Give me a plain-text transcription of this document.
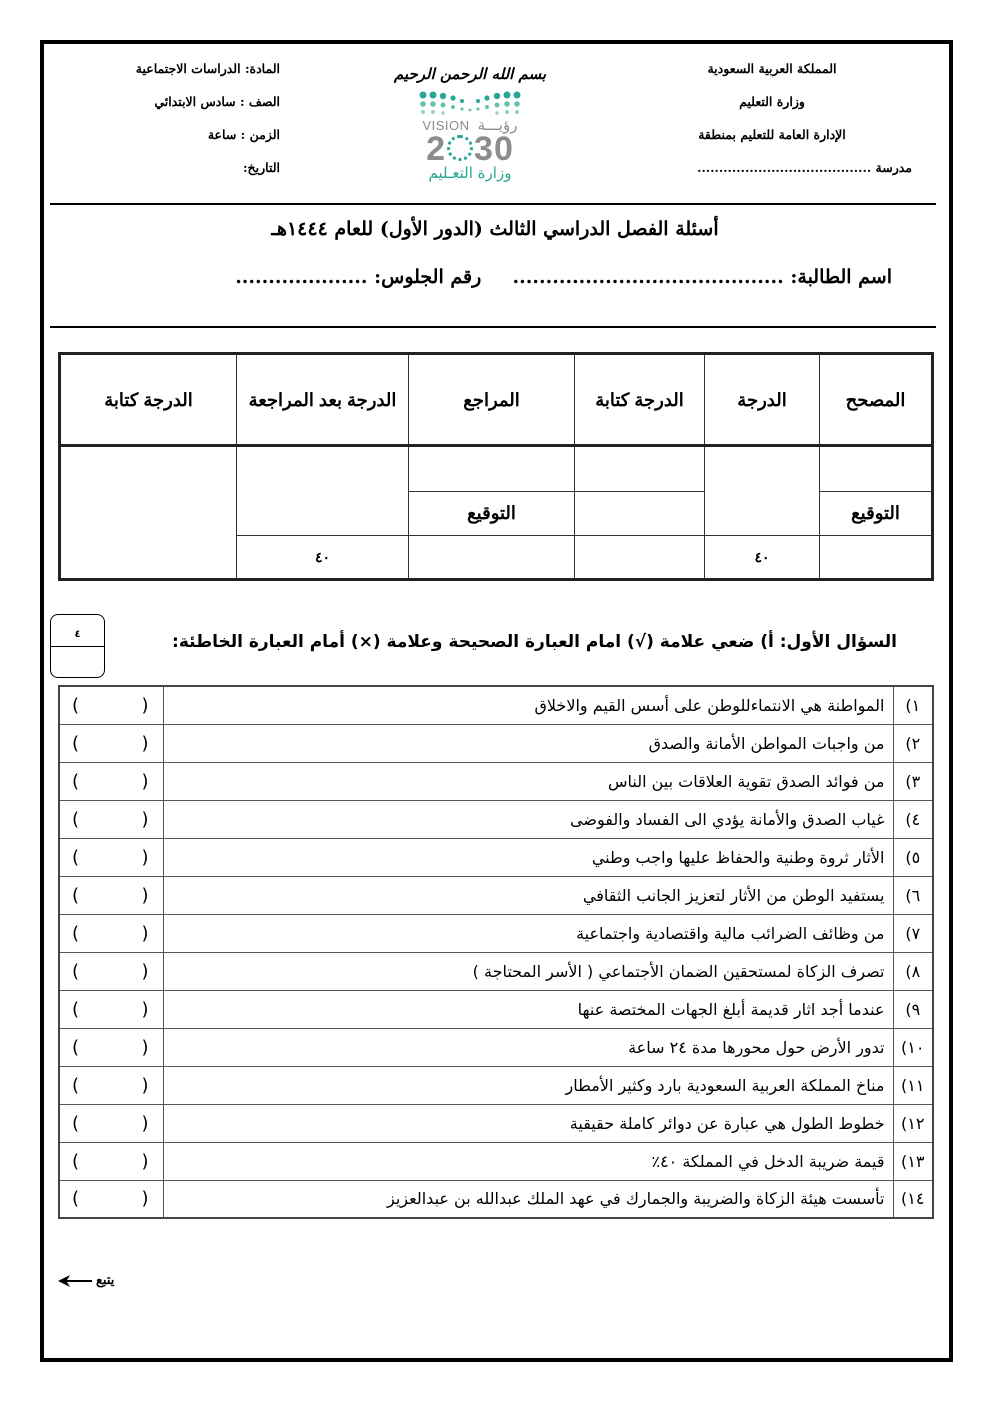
المملكة العربية السعودية
وزارة التعليم
الإدارة العامة للتعليم بمنطقة
مدرسة ........................................
المادة: الدراسات الاجتماعية
الصف : سادس الابتدائي
الزمن : ساعة
التاريخ:
بسم الله الرحمن الرحيم
VISION رؤيـــة
2 30
وزارة التعـليم
أسئلة الفصل الدراسي الثالث (الدور الأول) للعام ١٤٤٤هـ
اسم الطالبة: .........................................  رقم الجلوس: ....................
المصحح	الدرجة	الدرجة كتابة	المراجع	الدرجة بعد المراجعة	الدرجة كتابة

التوقيع			التوقيع		
	٤٠			٤٠	
السؤال الأول: أ) ضعي علامة (√) امام العبارة الصحيحة وعلامة (×) أمام العبارة الخاطئة:
٤
١)	المواطنة هي الانتماءللوطن على أسس القيم والاخلاق	( )

٢)	من واجبات المواطن الأمانة والصدق	( )

٣)	من فوائد الصدق تقوية العلاقات بين الناس	( )

٤)	غياب الصدق والأمانة يؤدي الى الفساد والفوضى	( )

٥)	الأثار ثروة وطنية والحفاظ عليها واجب وطني	( )

٦)	يستفيد الوطن من الأثار لتعزيز الجانب الثقافي	( )

٧)	من وظائف الضرائب مالية واقتصادية واجتماعية	( )

٨)	تصرف الزكاة لمستحقين الضمان الأجتماعي ( الأسر المحتاجة )	( )

٩)	عندما أجد اثار قديمة أبلغ الجهات المختصة عنها	( )

١٠)	تدور الأرض حول محورها مدة ٢٤ ساعة	( )

١١)	مناخ المملكة العربية السعودية بارد وكثير الأمطار	( )

١٢)	خطوط الطول هي عبارة عن دوائر كاملة حقيقية	( )

١٣)	قيمة ضريبة الدخل في المملكة ٤٠٪	( )

١٤)	تأسست هيئة الزكاة والضريبة والجمارك في عهد الملك عبدالله بن عبدالعزيز	( )
يتبع
